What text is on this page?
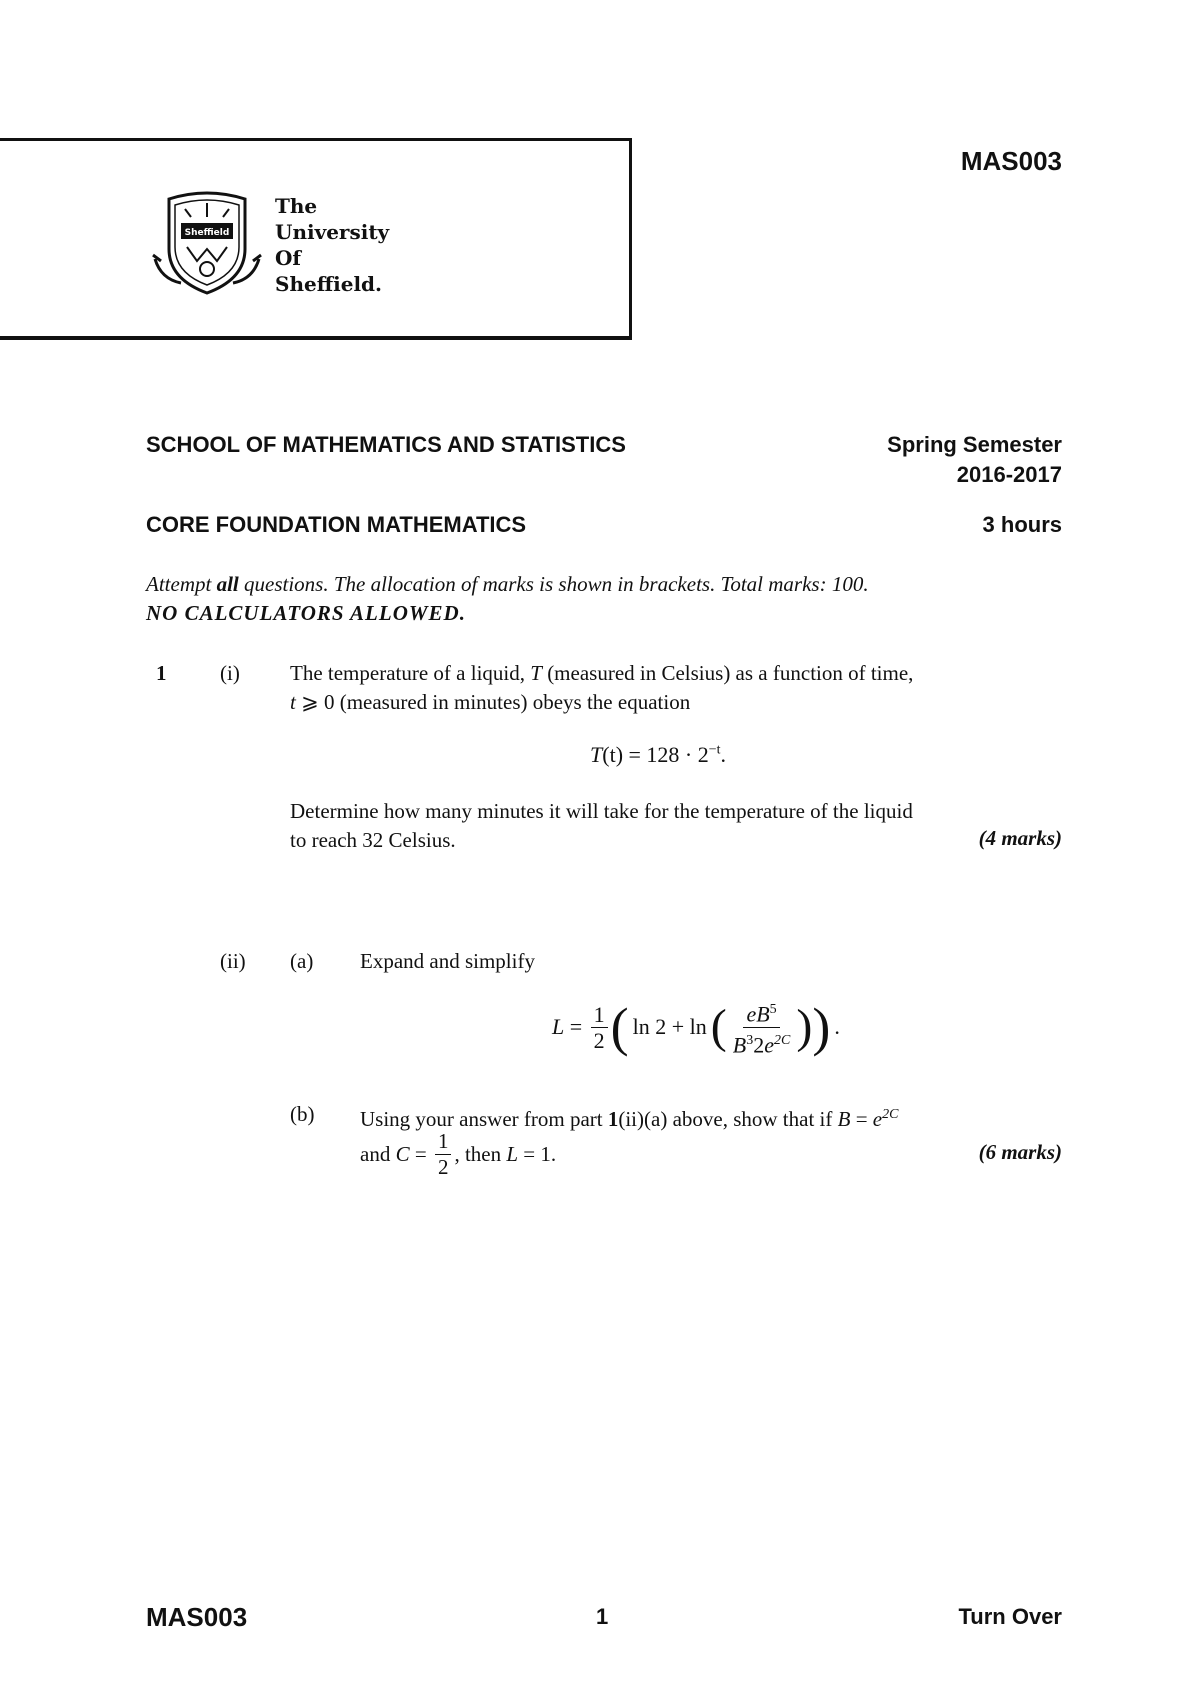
Sheffield
The
University
Of
Sheffield.
MAS003
SCHOOL OF MATHEMATICS AND STATISTICS	Spring Semester
2016-2017
CORE FOUNDATION MATHEMATICS	3 hours
Attempt all questions. The allocation of marks is shown in brackets. Total marks: 100.
NO CALCULATORS ALLOWED.
1	(i) The temperature of a liquid, T (measured in Celsius) as a function of time,
t ⩾ 0 (measured in minutes) obeys the equation
$T(t) = 128 \cdot 2^{-t}$.
Determine how many minutes it will take for the temperature of the liquid
to reach 32 Celsius.	(4 marks)
(ii) (a) Expand and simplify
$L = \frac{1}{2}$ ( ln 2 + ln ( $\frac{eB^5}{B^32e^{2C}}$ ) ) .
(b) Using your answer from part 1(ii)(a) above, show that if $B = e^{2C}$
and $C = \frac{1}{2}$ , then L = 1.	(6 marks)
MAS003	1	Turn Over
